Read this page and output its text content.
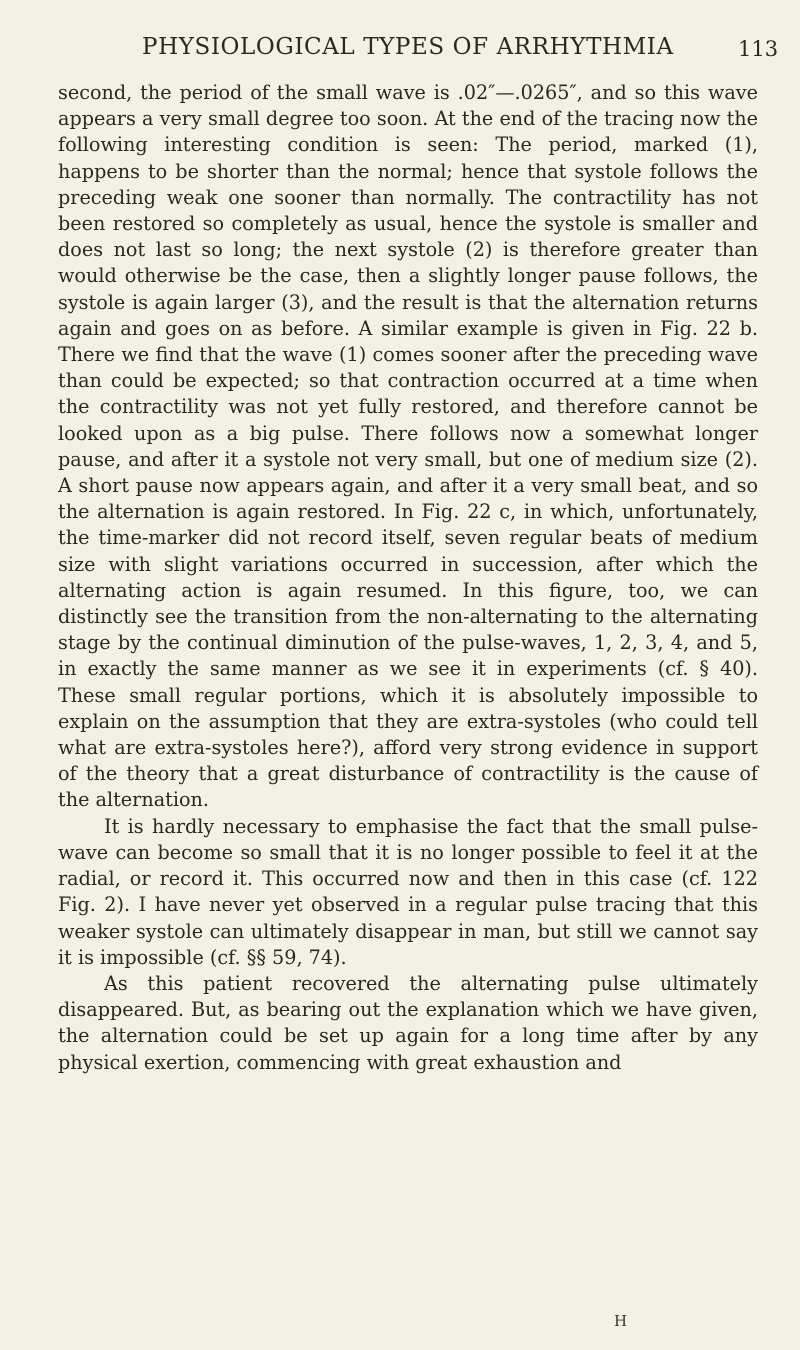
PHYSIOLOGICAL TYPES OF ARRHYTHMIA	113

second, the period of the small wave is .02″—.0265″, and so this wave appears a very small degree too soon. At the end of the tracing now the following interesting condition is seen: The period, marked (1), happens to be shorter than the normal; hence that systole follows the preceding weak one sooner than normally. The contractility has not been restored so completely as usual, hence the systole is smaller and does not last so long; the next systole (2) is therefore greater than would otherwise be the case, then a slightly longer pause follows, the systole is again larger (3), and the result is that the alternation returns again and goes on as before. A similar example is given in Fig. 22 b. There we find that the wave (1) comes sooner after the preceding wave than could be expected; so that contraction occurred at a time when the contractility was not yet fully restored, and therefore cannot be looked upon as a big pulse. There follows now a somewhat longer pause, and after it a systole not very small, but one of medium size (2). A short pause now appears again, and after it a very small beat, and so the alternation is again restored. In Fig. 22 c, in which, unfortunately, the time-marker did not record itself, seven regular beats of medium size with slight variations occurred in succession, after which the alternating action is again resumed. In this figure, too, we can distinctly see the transition from the non-alternating to the alternating stage by the continual diminution of the pulse-waves, 1, 2, 3, 4, and 5, in exactly the same manner as we see it in experiments (cf. § 40). These small regular portions, which it is absolutely impossible to explain on the assumption that they are extra-systoles (who could tell what are extra-systoles here?), afford very strong evidence in support of the theory that a great disturbance of contractility is the cause of the alternation.

It is hardly necessary to emphasise the fact that the small pulse-wave can become so small that it is no longer possible to feel it at the radial, or record it. This occurred now and then in this case (cf. 122 Fig. 2). I have never yet observed in a regular pulse tracing that this weaker systole can ultimately disappear in man, but still we cannot say it is impossible (cf. §§ 59, 74).

As this patient recovered the alternating pulse ultimately disappeared. But, as bearing out the explanation which we have given, the alternation could be set up again for a long time after by any physical exertion, commencing with great exhaustion and

H
